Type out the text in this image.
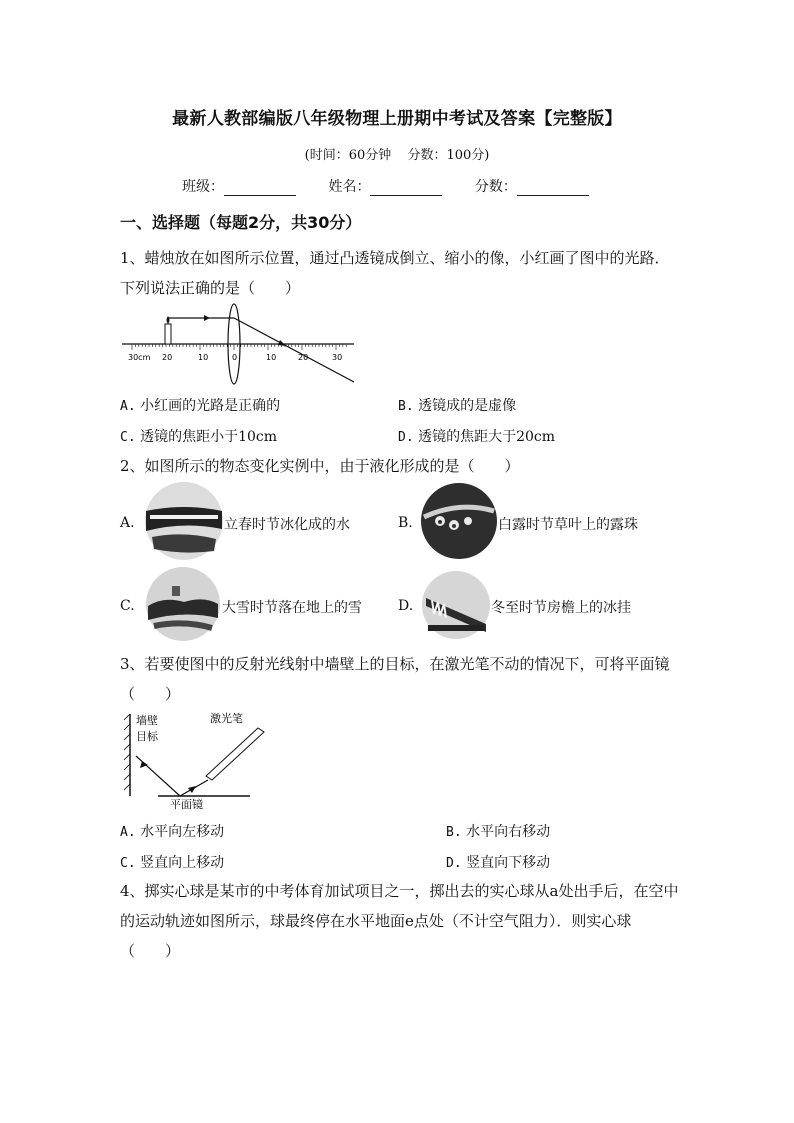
最新人教部编版八年级物理上册期中考试及答案【完整版】
(时间：60分钟 分数：100分)
班级：	姓名：	分数：
一、选择题（每题2分，共30分）
1、蜡烛放在如图所示位置，通过凸透镜成倒立、缩小的像，小红画了图中的光路．下列说法正确的是（　　）
30cm 20	10	0	10	20	30
A. 小红画的光路是正确的	B. 透镜成的是虚像
C. 透镜的焦距小于10cm	D. 透镜的焦距大于20cm
2、如图所示的物态变化实例中，由于液化形成的是（　　）
A.	立春时节冰化成的水	B.	白露时节草叶上的露珠
C.	大雪时节落在地上的雪	D.	冬至时节房檐上的冰挂
3、若要使图中的反射光线射中墙壁上的目标，在激光笔不动的情况下，可将平面镜（　　）
墙壁
目标
激光笔
平面镜
A. 水平向左移动	B. 水平向右移动
C. 竖直向上移动	D. 竖直向下移动
4、掷实心球是某市的中考体育加试项目之一，掷出去的实心球从a处出手后，在空中的运动轨迹如图所示，球最终停在水平地面e点处（不计空气阻力）．则实心球（　　）
